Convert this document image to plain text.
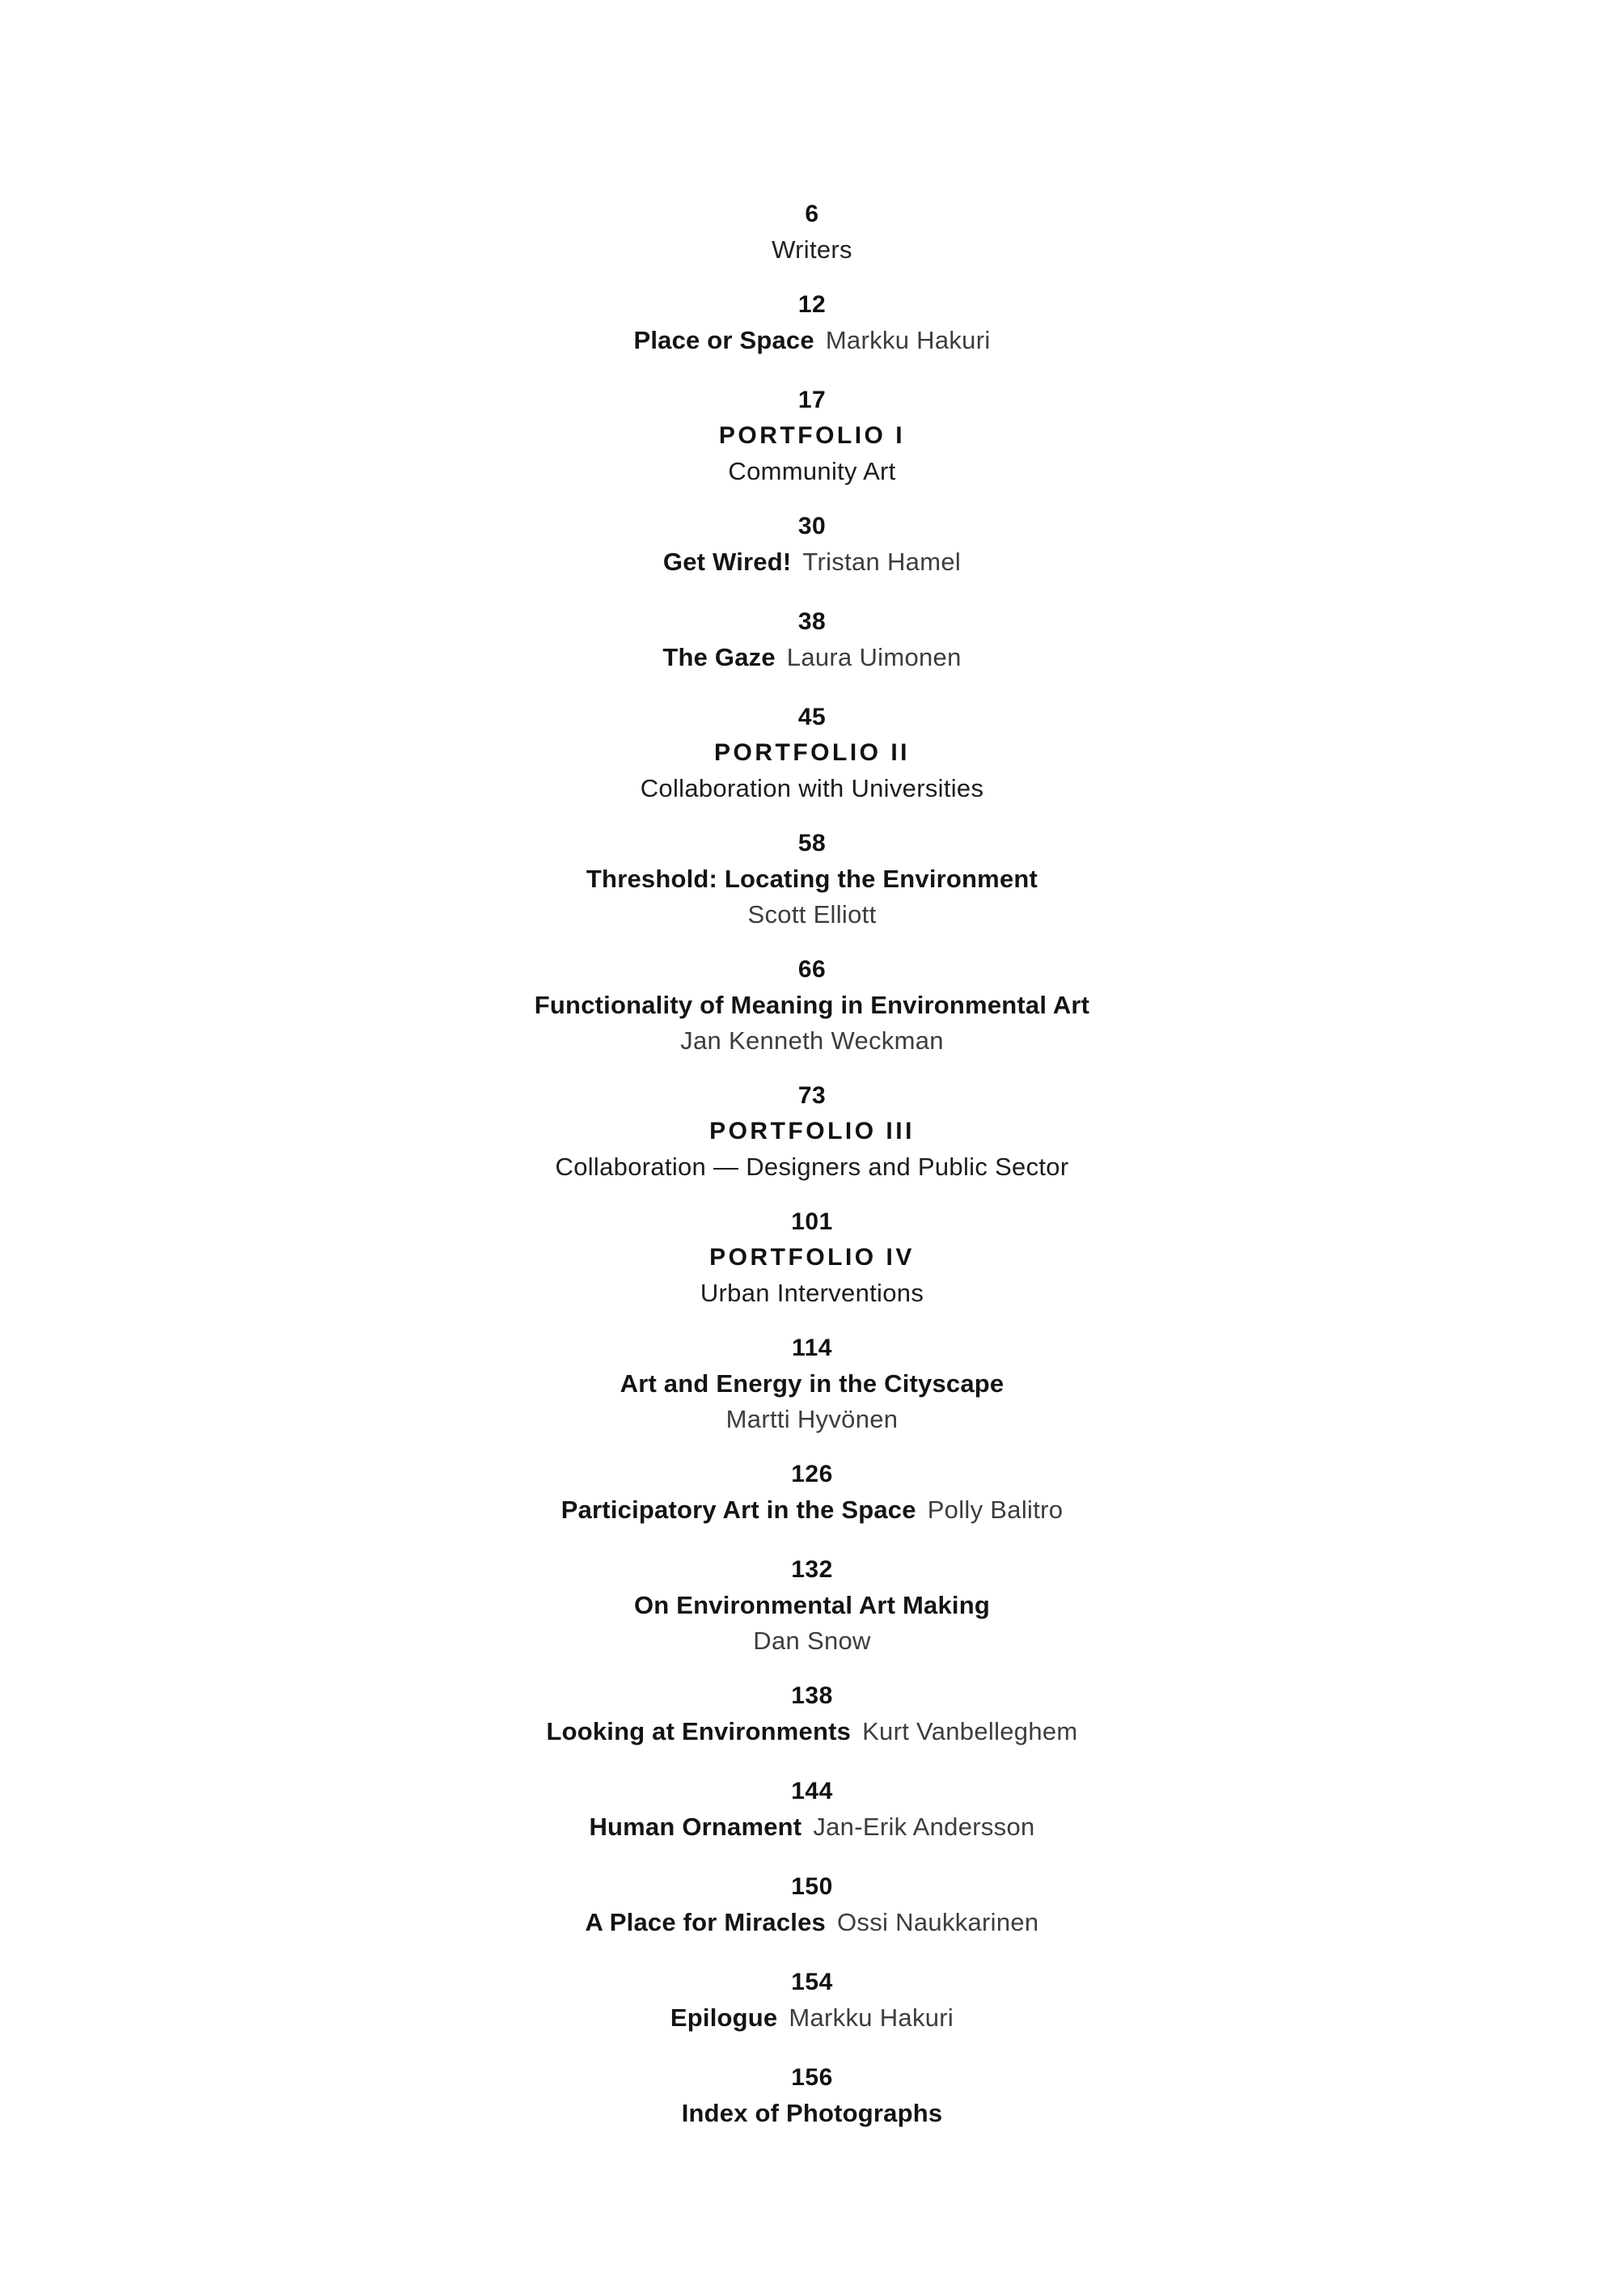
6
Writers
12
Place or Space Markku Hakuri
17
PORTFOLIO I
Community Art
30
Get Wired! Tristan Hamel
38
The Gaze Laura Uimonen
45
PORTFOLIO II
Collaboration with Universities
58
Threshold: Locating the Environment
Scott Elliott
66
Functionality of Meaning in Environmental Art
Jan Kenneth Weckman
73
PORTFOLIO III
Collaboration — Designers and Public Sector
101
PORTFOLIO IV
Urban Interventions
114
Art and Energy in the Cityscape
Martti Hyvönen
126
Participatory Art in the Space Polly Balitro
132
On Environmental Art Making
Dan Snow
138
Looking at Environments Kurt Vanbelleghem
144
Human Ornament Jan-Erik Andersson
150
A Place for Miracles Ossi Naukkarinen
154
Epilogue Markku Hakuri
156
Index of Photographs
